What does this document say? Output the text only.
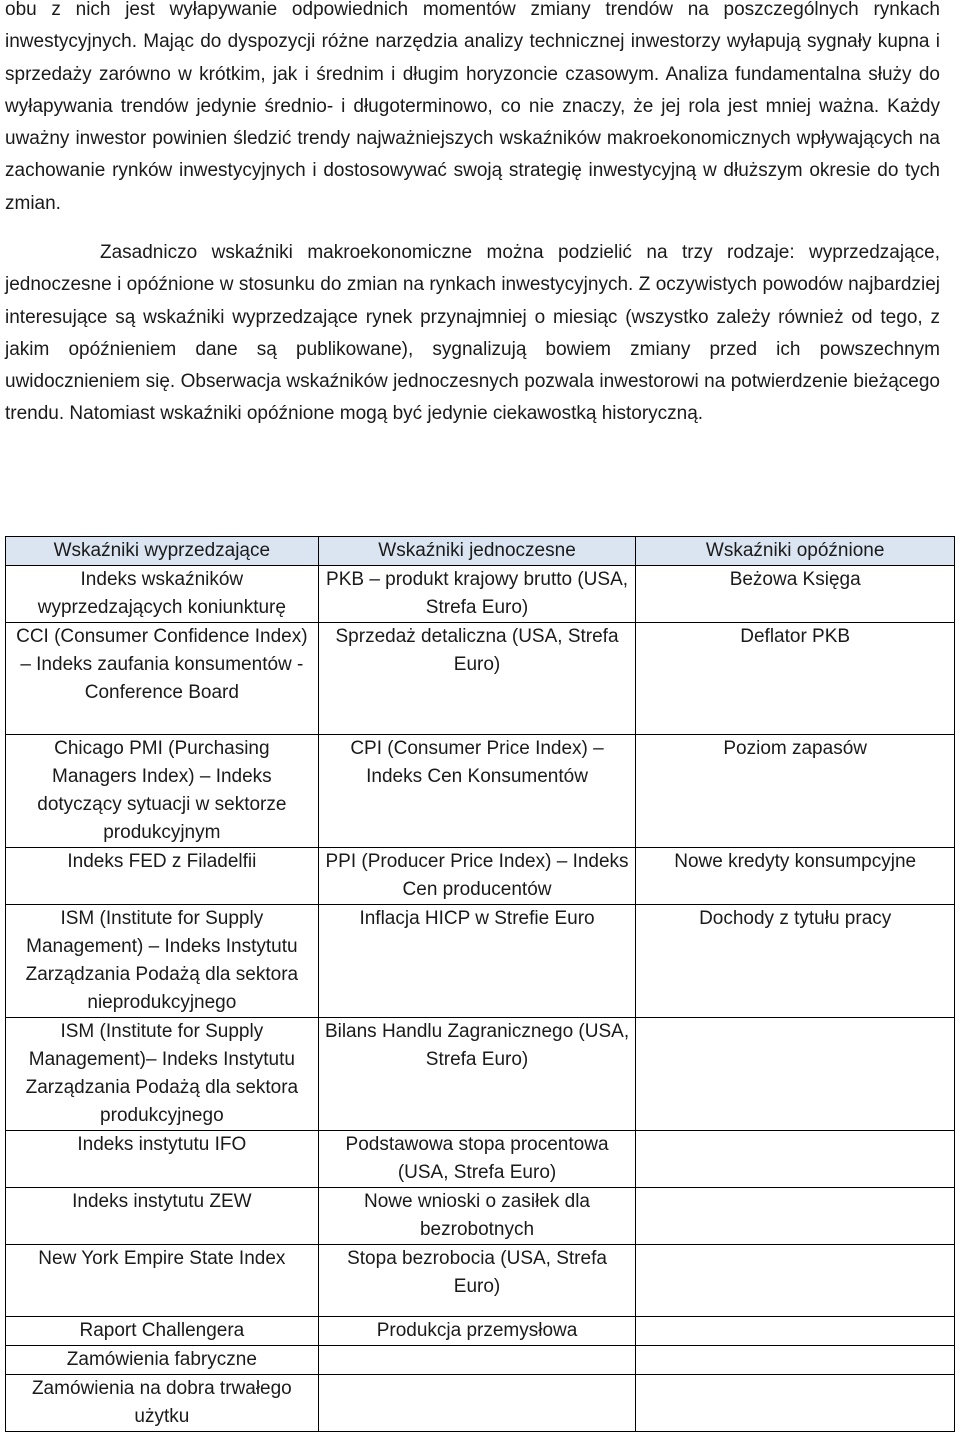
obu z nich jest wyłapywanie odpowiednich momentów zmiany trendów na poszczególnych rynkach inwestycyjnych. Mając do dyspozycji różne narzędzia analizy technicznej inwestorzy wyłapują sygnały kupna i sprzedaży zarówno w krótkim, jak i średnim i długim horyzoncie czasowym. Analiza fundamentalna służy do wyłapywania trendów jedynie średnio- i długoterminowo, co nie znaczy, że jej rola jest mniej ważna. Każdy uważny inwestor powinien śledzić trendy najważniejszych wskaźników makroekonomicznych wpływających na zachowanie rynków inwestycyjnych i dostosowywać swoją strategię inwestycyjną w dłuższym okresie do tych zmian.

Zasadniczo wskaźniki makroekonomiczne można podzielić na trzy rodzaje: wyprzedzające, jednoczesne i opóźnione w stosunku do zmian na rynkach inwestycyjnych. Z oczywistych powodów najbardziej interesujące są wskaźniki wyprzedzające rynek przynajmniej o miesiąc (wszystko zależy również od tego, z jakim opóźnieniem dane są publikowane), sygnalizują bowiem zmiany przed ich powszechnym uwidocznieniem się. Obserwacja wskaźników jednoczesnych pozwala inwestorowi na potwierdzenie bieżącego trendu. Natomiast wskaźniki opóźnione mogą być jedynie ciekawostką historyczną.

Wskaźniki wyprzedzające	Wskaźniki jednoczesne	Wskaźniki opóźnione
Indeks wskaźników wyprzedzających koniunkturę	PKB – produkt krajowy brutto (USA, Strefa Euro)	Beżowa Księga
CCI (Consumer Confidence Index) – Indeks zaufania konsumentów - Conference Board	Sprzedaż detaliczna (USA, Strefa Euro)	Deflator PKB
Chicago PMI (Purchasing Managers Index) – Indeks dotyczący sytuacji w sektorze produkcyjnym	CPI (Consumer Price Index) – Indeks Cen Konsumentów	Poziom zapasów
Indeks FED z Filadelfii	PPI (Producer Price Index) – Indeks Cen producentów	Nowe kredyty konsumpcyjne
ISM (Institute for Supply Management) – Indeks Instytutu Zarządzania Podażą dla sektora nieprodukcyjnego	Inflacja HICP w Strefie Euro	Dochody z tytułu pracy
ISM (Institute for Supply Management)– Indeks Instytutu Zarządzania Podażą dla sektora produkcyjnego	Bilans Handlu Zagranicznego (USA, Strefa Euro)	
Indeks instytutu IFO	Podstawowa stopa procentowa (USA, Strefa Euro)	
Indeks instytutu ZEW	Nowe wnioski o zasiłek dla bezrobotnych	
New York Empire State Index	Stopa bezrobocia (USA, Strefa Euro)	
Raport Challengera	Produkcja przemysłowa	
Zamówienia fabryczne		
Zamówienia na dobra trwałego użytku		
